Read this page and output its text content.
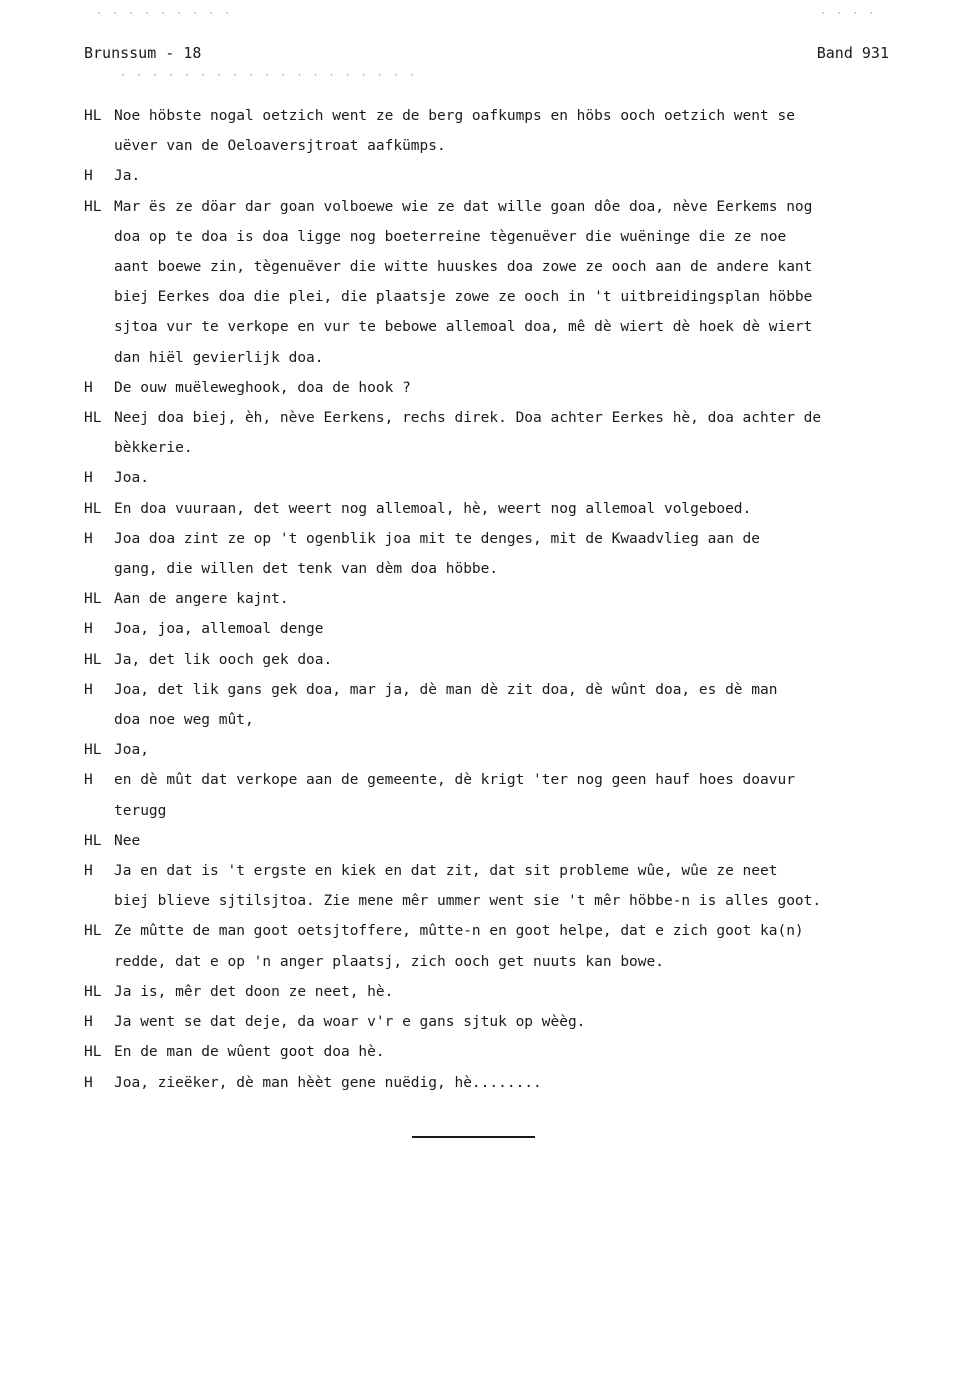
· · · · · · · · ·	· · · ·
Brunssum - 18	Band 931
· · · · · · · · · · · · · · · · · · ·
HL Noe höbste nogal oetzich went ze de berg oafkumps en höbs ooch oetzich went se
uëver van de Oeloaversjtroat aafkümps.
H	Ja.
HL Mar ës ze döar dar goan volboewe wie ze dat wille goan dôe doa, nève Eerkems nog
doa op te doa is doa ligge nog boeterreine tègenuëver die wuëninge die ze noe
aant boewe zin, tègenuëver die witte huuskes doa zowe ze ooch aan de andere kant
biej Eerkes doa die plei, die plaatsje zowe ze ooch in 't uitbreidingsplan höbbe
sjtoa vur te verkope en vur te bebowe allemoal doa, mê dè wiert dè hoek dè wiert
dan hiël gevierlijk doa.
H	De ouw muëleweghook, doa de hook ?
HL Neej doa biej, èh, nève Eerkens, rechs direk. Doa achter Eerkes hè, doa achter de
bèkkerie.
H	Joa.
HL En doa vuuraan, det weert nog allemoal, hè, weert nog allemoal volgeboed.
H	Joa doa zint ze op 't ogenblik joa mit te denges, mit de Kwaadvlieg aan de
gang, die willen det tenk van dèm doa höbbe.
HL Aan de angere kajnt.
H	Joa, joa, allemoal denge
HL Ja, det lik ooch gek doa.
H	Joa, det lik gans gek doa, mar ja, dè man dè zit doa, dè wûnt doa, es dè man
doa noe weg mût,
HL Joa,
H	en dè mût dat verkope aan de gemeente, dè krigt 'ter nog geen hauf hoes doavur
terugg
HL Nee
H	Ja en dat is 't ergste en kiek en dat zit, dat sit probleme wûe, wûe ze neet
biej blieve sjtilsjtoa. Zie mene mêr ummer went sie 't mêr höbbe-n is alles goot.
HL Ze mûtte de man goot oetsjtoffere, mûtte-n en goot helpe, dat e zich goot ka(n)
redde, dat e op 'n anger plaatsj, zich ooch get nuuts kan bowe.
HL Ja is, mêr det doon ze neet, hè.
H	Ja went se dat deje, da woar v'r e gans sjtuk op wèèg.
HL En de man de wûent goot doa hè.
H	Joa, zieëker, dè man hèèt gene nuëdig, hè........
